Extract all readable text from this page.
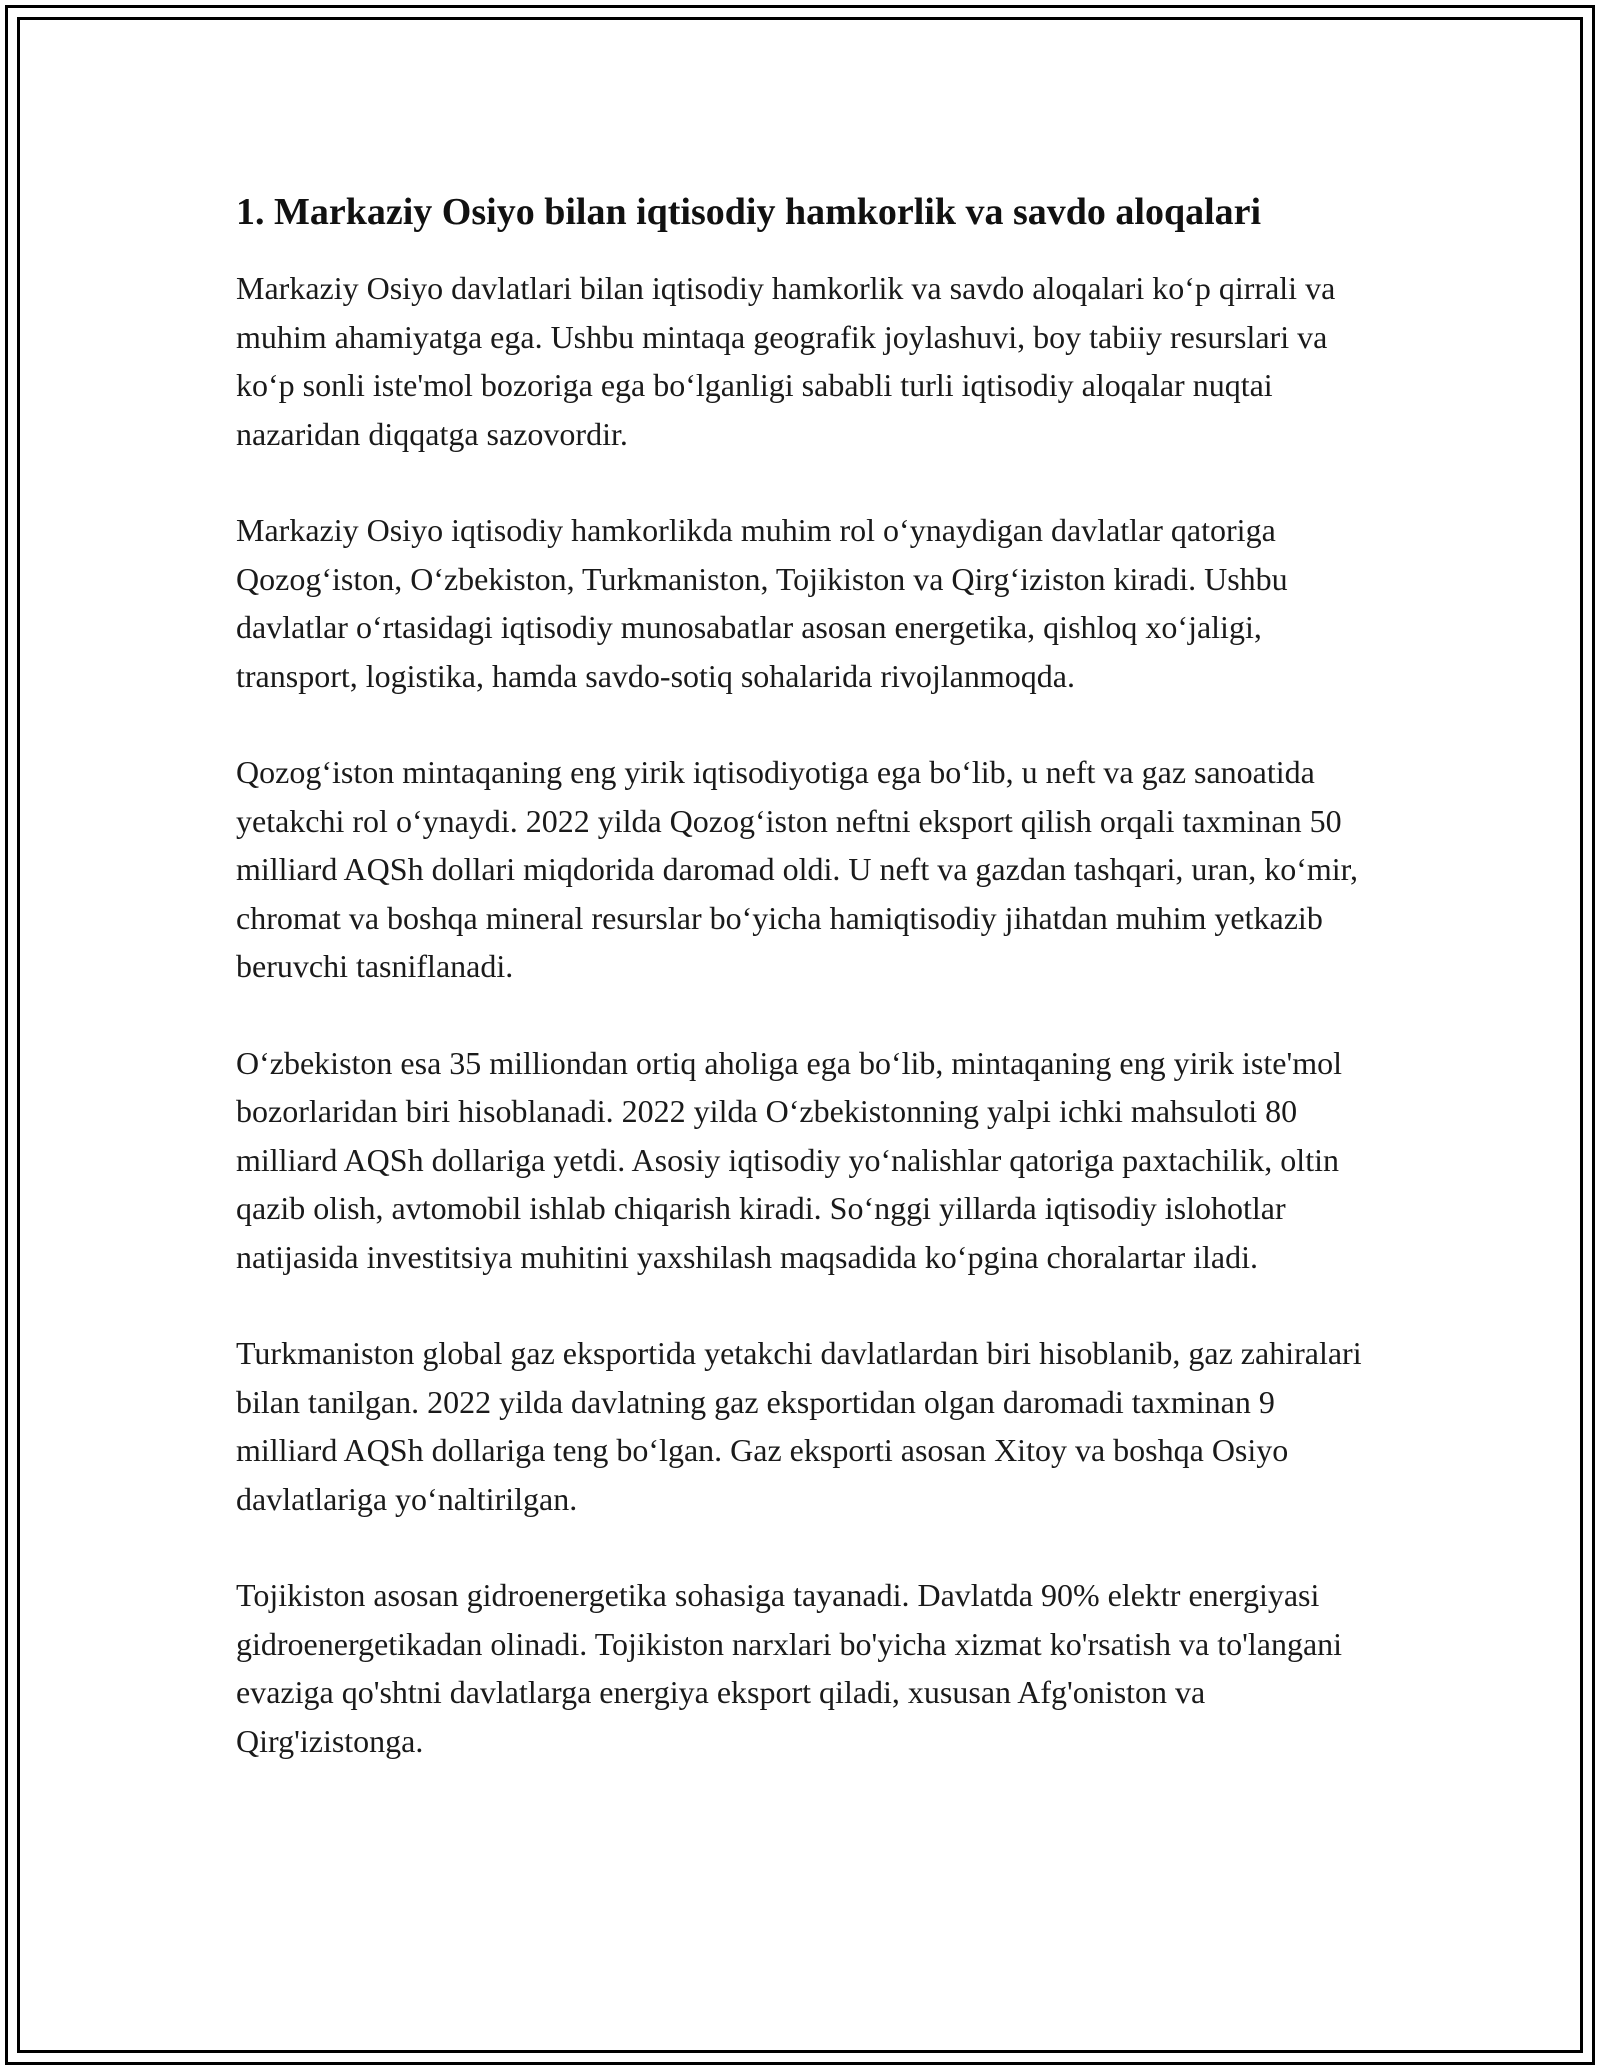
1. Markaziy Osiyo bilan iqtisodiy hamkorlik va savdo aloqalari

Markaziy Osiyo davlatlari bilan iqtisodiy hamkorlik va savdo aloqalari ko‘p qirrali va muhim ahamiyatga ega. Ushbu mintaqa geografik joylashuvi, boy tabiiy resurslari va ko‘p sonli iste'mol bozoriga ega bo‘lganligi sababli turli iqtisodiy aloqalar nuqtai nazaridan diqqatga sazovordir.

Markaziy Osiyo iqtisodiy hamkorlikda muhim rol o‘ynaydigan davlatlar qatoriga Qozog‘iston, O‘zbekiston, Turkmaniston, Tojikiston va Qirg‘iziston kiradi. Ushbu davlatlar o‘rtasidagi iqtisodiy munosabatlar asosan energetika, qishloq xo‘jaligi, transport, logistika, hamda savdo-sotiq sohalarida rivojlanmoqda.

Qozog‘iston mintaqaning eng yirik iqtisodiyotiga ega bo‘lib, u neft va gaz sanoatida yetakchi rol o‘ynaydi. 2022 yilda Qozog‘iston neftni eksport qilish orqali taxminan 50 milliard AQSh dollari miqdorida daromad oldi. U neft va gazdan tashqari, uran, ko‘mir, chromat va boshqa mineral resurslar bo‘yicha hamiqtisodiy jihatdan muhim yetkazib beruvchi tasniflanadi.

O‘zbekiston esa 35 milliondan ortiq aholiga ega bo‘lib, mintaqaning eng yirik iste'mol bozorlaridan biri hisoblanadi. 2022 yilda O‘zbekistonning yalpi ichki mahsuloti 80 milliard AQSh dollariga yetdi. Asosiy iqtisodiy yo‘nalishlar qatoriga paxtachilik, oltin qazib olish, avtomobil ishlab chiqarish kiradi. So‘nggi yillarda iqtisodiy islohotlar natijasida investitsiya muhitini yaxshilash maqsadida ko‘pgina choralartar iladi.

Turkmaniston global gaz eksportida yetakchi davlatlardan biri hisoblanib, gaz zahiralari bilan tanilgan. 2022 yilda davlatning gaz eksportidan olgan daromadi taxminan 9 milliard AQSh dollariga teng bo‘lgan. Gaz eksporti asosan Xitoy va boshqa Osiyo davlatlariga yo‘naltirilgan.

Tojikiston asosan gidroenergetika sohasiga tayanadi. Davlatda 90% elektr energiyasi gidroenergetikadan olinadi. Tojikiston narxlari bo'yicha xizmat ko'rsatish va to'langani evaziga qo'shtni davlatlarga energiya eksport qiladi, xususan Afg'oniston va Qirg'izistonga.
